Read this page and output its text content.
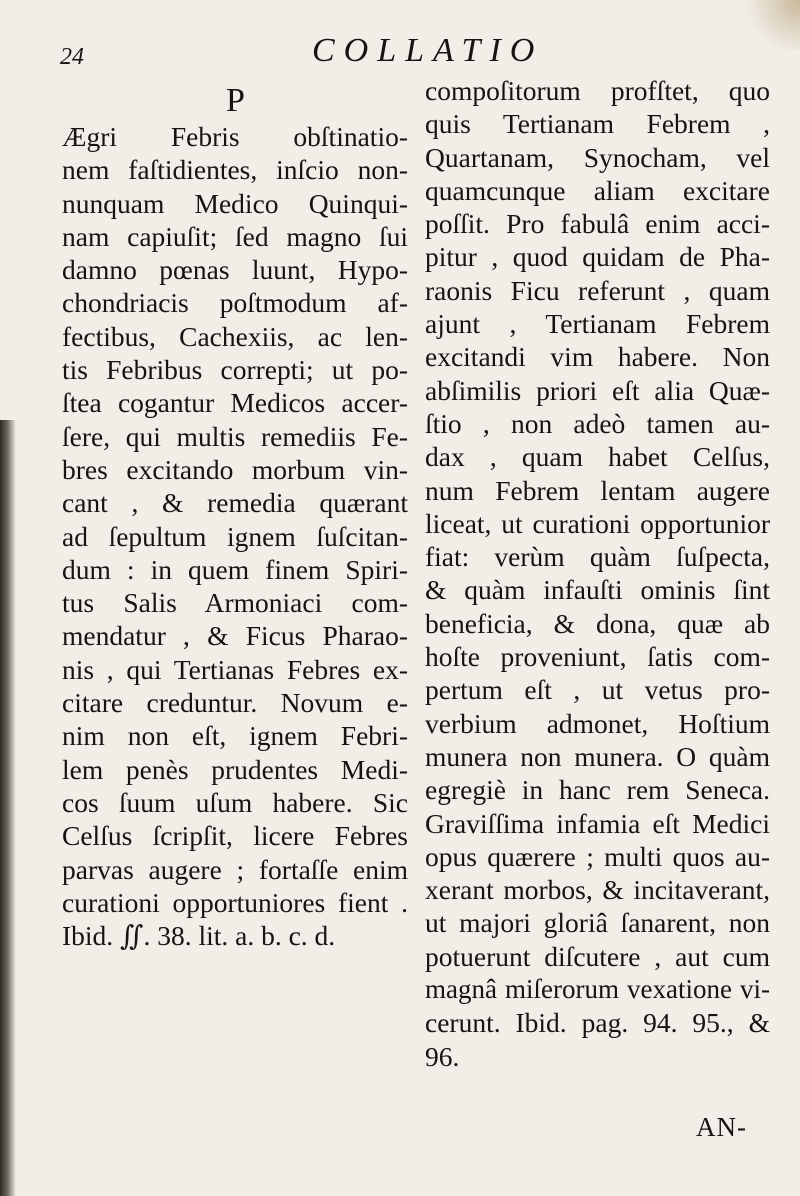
24	COLLATIO
P
Ægri Febris obſtinatio-
nem faſtidientes, inſcio non-
nunquam Medico Quinqui-
nam capiuſit; ſed magno ſui
damno pœnas luunt, Hypo-
chondriacis poſtmodum af-
fectibus, Cachexiis, ac len-
tis Febribus correpti; ut po-
ſtea cogantur Medicos accer-
ſere, qui multis remediis Fe-
bres excitando morbum vin-
cant , & remedia quærant
ad ſepultum ignem ſuſcitan-
dum : in quem finem Spiri-
tus Salis Armoniaci com-
mendatur , & Ficus Pharao-
nis , qui Tertianas Febres ex-
citare creduntur. Novum e-
nim non eſt, ignem Febri-
lem penès prudentes Medi-
cos ſuum uſum habere. Sic
Celſus ſcripſit, licere Febres
parvas augere ; fortaſſe enim
curationi opportuniores fient .
Ibid. ∬. 38. lit. a. b. c. d.
compoſitorum profſtet, quo
quis Tertianam Febrem ,
Quartanam, Synocham, vel
quamcunque aliam excitare
poſſit. Pro fabulâ enim acci-
pitur , quod quidam de Pha-
raonis Ficu referunt , quam
ajunt , Tertianam Febrem
excitandi vim habere. Non
abſimilis priori eſt alia Quæ-
ſtio , non adeò tamen au-
dax , quam habet Celſus,
num Febrem lentam augere
liceat, ut curationi opportunior
fiat: verùm quàm ſuſpecta,
& quàm infauſti ominis ſint
beneficia, & dona, quæ ab
hoſte proveniunt, ſatis com-
pertum eſt , ut vetus pro-
verbium admonet, Hoſtium
munera non munera. O quàm
egregiè in hanc rem Seneca.
Graviſſima infamia eſt Medici
opus quærere ; multi quos au-
xerant morbos, & incitaverant,
ut majori gloriâ ſanarent, non
potuerunt diſcutere , aut cum
magnâ miſerorum vexatione vi-
cerunt. Ibid. pag. 94. 95., &
96.
AN-
